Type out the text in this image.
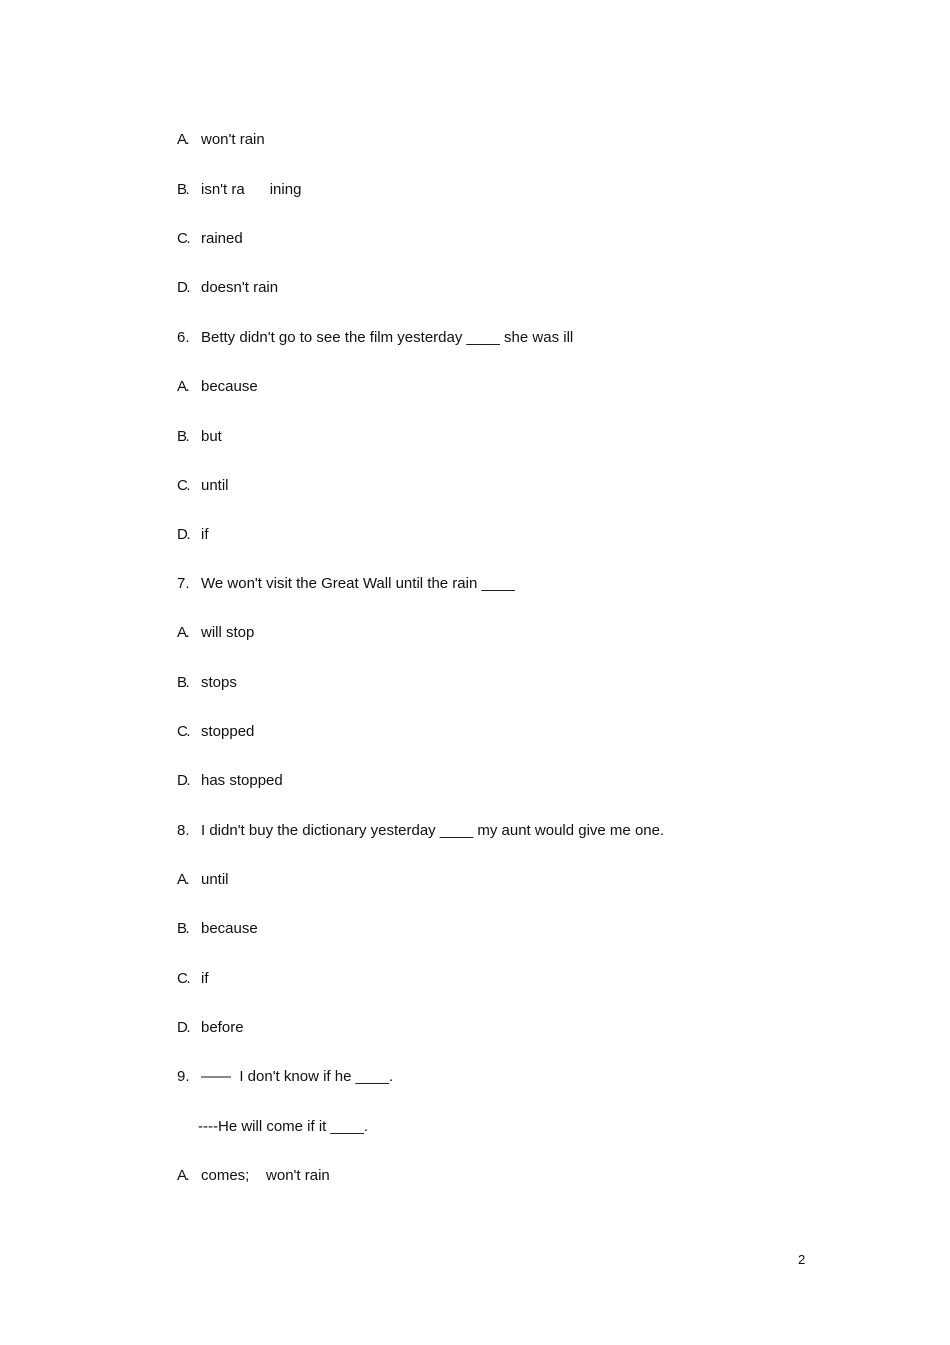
A. won't rain
B. isn't ra      ining
C. rained
D. doesn't rain
6. Betty didn't go to see the film yesterday ____ she was ill
A. because
B. but
C. until
D. if
7. We won't visit the Great Wall until the rain ____
A. will stop
B. stops
C. stopped
D. has stopped
8. I didn't buy the dictionary yesterday ____ my aunt would give me one.
A. until
B. because
C. if
D. before
9. ——  I don't know if he ____.
----He will come if it ____.
A. comes;    won't rain
2
